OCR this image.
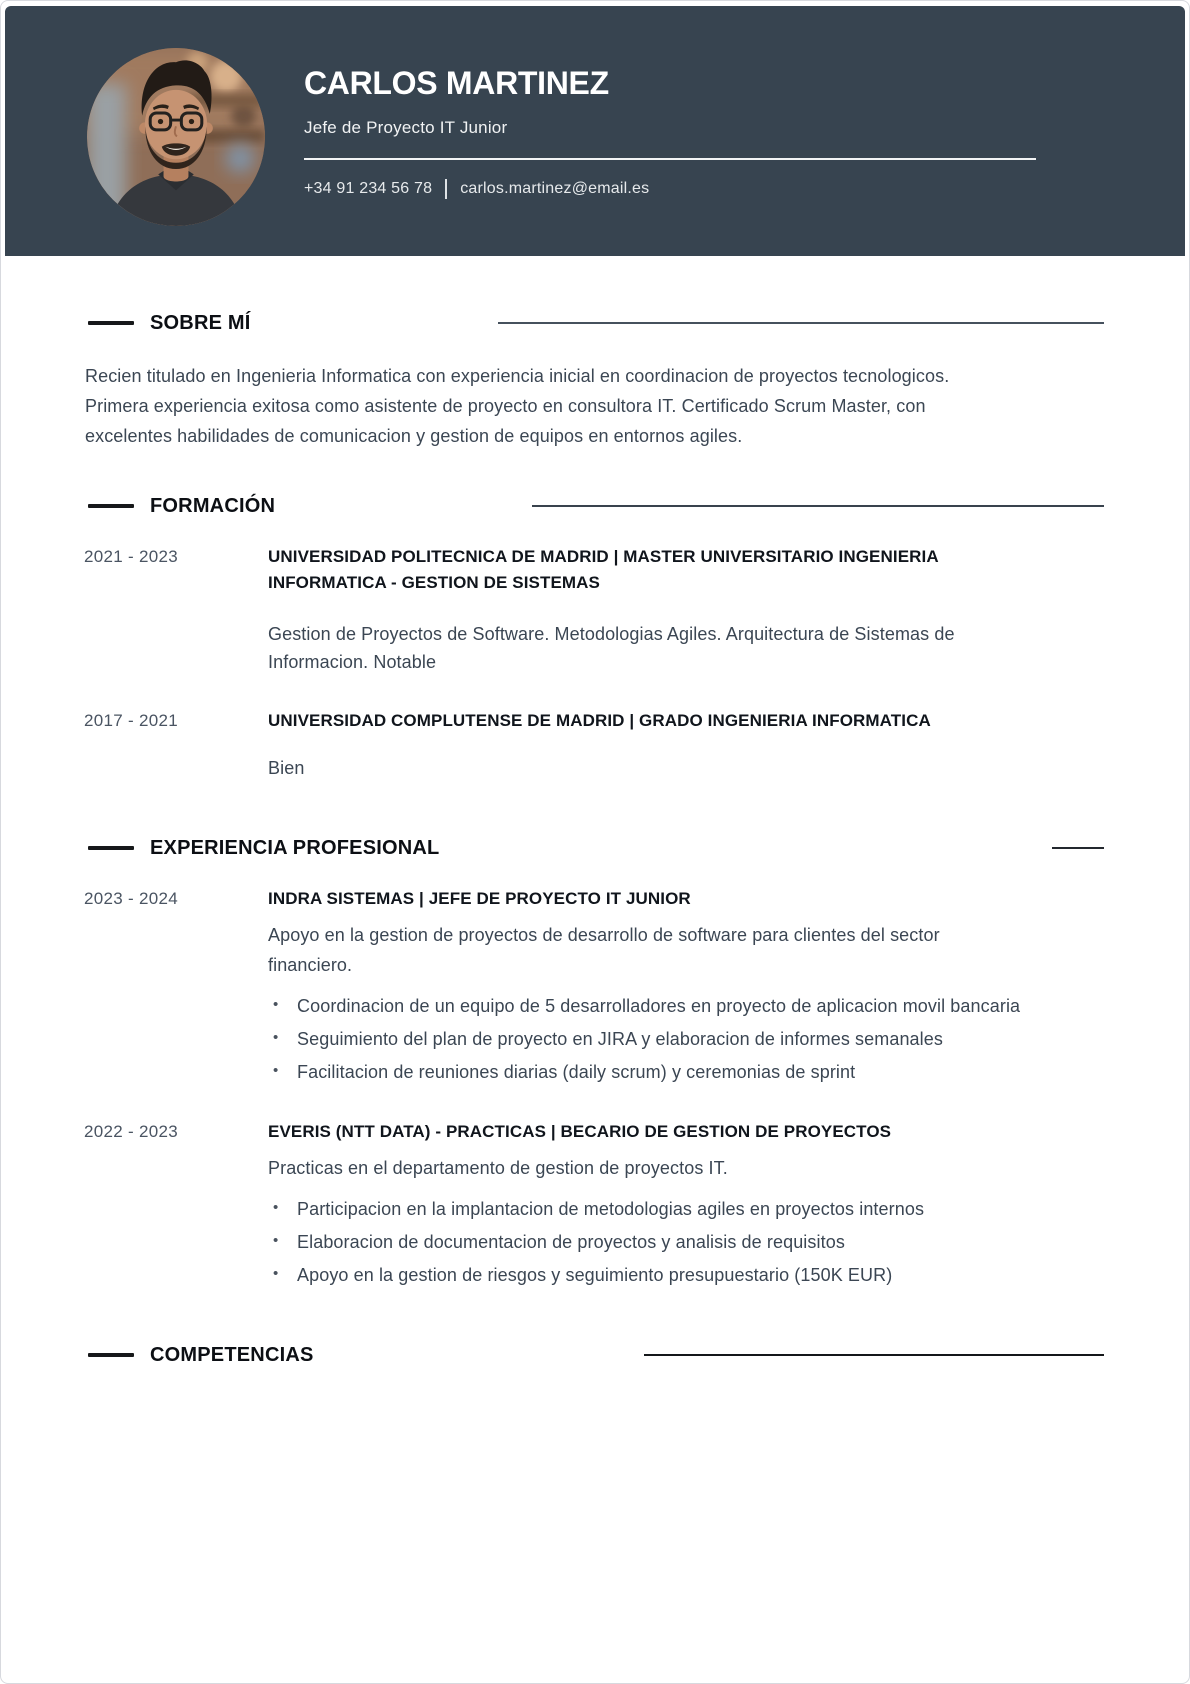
CARLOS MARTINEZ
Jefe de Proyecto IT Junior
+34 91 234 56 78 carlos.martinez@email.es
SOBRE MÍ
Recien titulado en Ingenieria Informatica con experiencia inicial en coordinacion de proyectos tecnologicos.
Primera experiencia exitosa como asistente de proyecto en consultora IT. Certificado Scrum Master, con
excelentes habilidades de comunicacion y gestion de equipos en entornos agiles.
FORMACIÓN
2021 - 2023	UNIVERSIDAD POLITECNICA DE MADRID | MASTER UNIVERSITARIO INGENIERIA
INFORMATICA - GESTION DE SISTEMAS
Gestion de Proyectos de Software. Metodologias Agiles. Arquitectura de Sistemas de
Informacion. Notable
2017 - 2021	UNIVERSIDAD COMPLUTENSE DE MADRID | GRADO INGENIERIA INFORMATICA
Bien
EXPERIENCIA PROFESIONAL
2023 - 2024	INDRA SISTEMAS | JEFE DE PROYECTO IT JUNIOR
Apoyo en la gestion de proyectos de desarrollo de software para clientes del sector
financiero.
• Coordinacion de un equipo de 5 desarrolladores en proyecto de aplicacion movil bancaria
• Seguimiento del plan de proyecto en JIRA y elaboracion de informes semanales
• Facilitacion de reuniones diarias (daily scrum) y ceremonias de sprint
2022 - 2023	EVERIS (NTT DATA) - PRACTICAS | BECARIO DE GESTION DE PROYECTOS
Practicas en el departamento de gestion de proyectos IT.
• Participacion en la implantacion de metodologias agiles en proyectos internos
• Elaboracion de documentacion de proyectos y analisis de requisitos
• Apoyo en la gestion de riesgos y seguimiento presupuestario (150K EUR)
COMPETENCIAS
